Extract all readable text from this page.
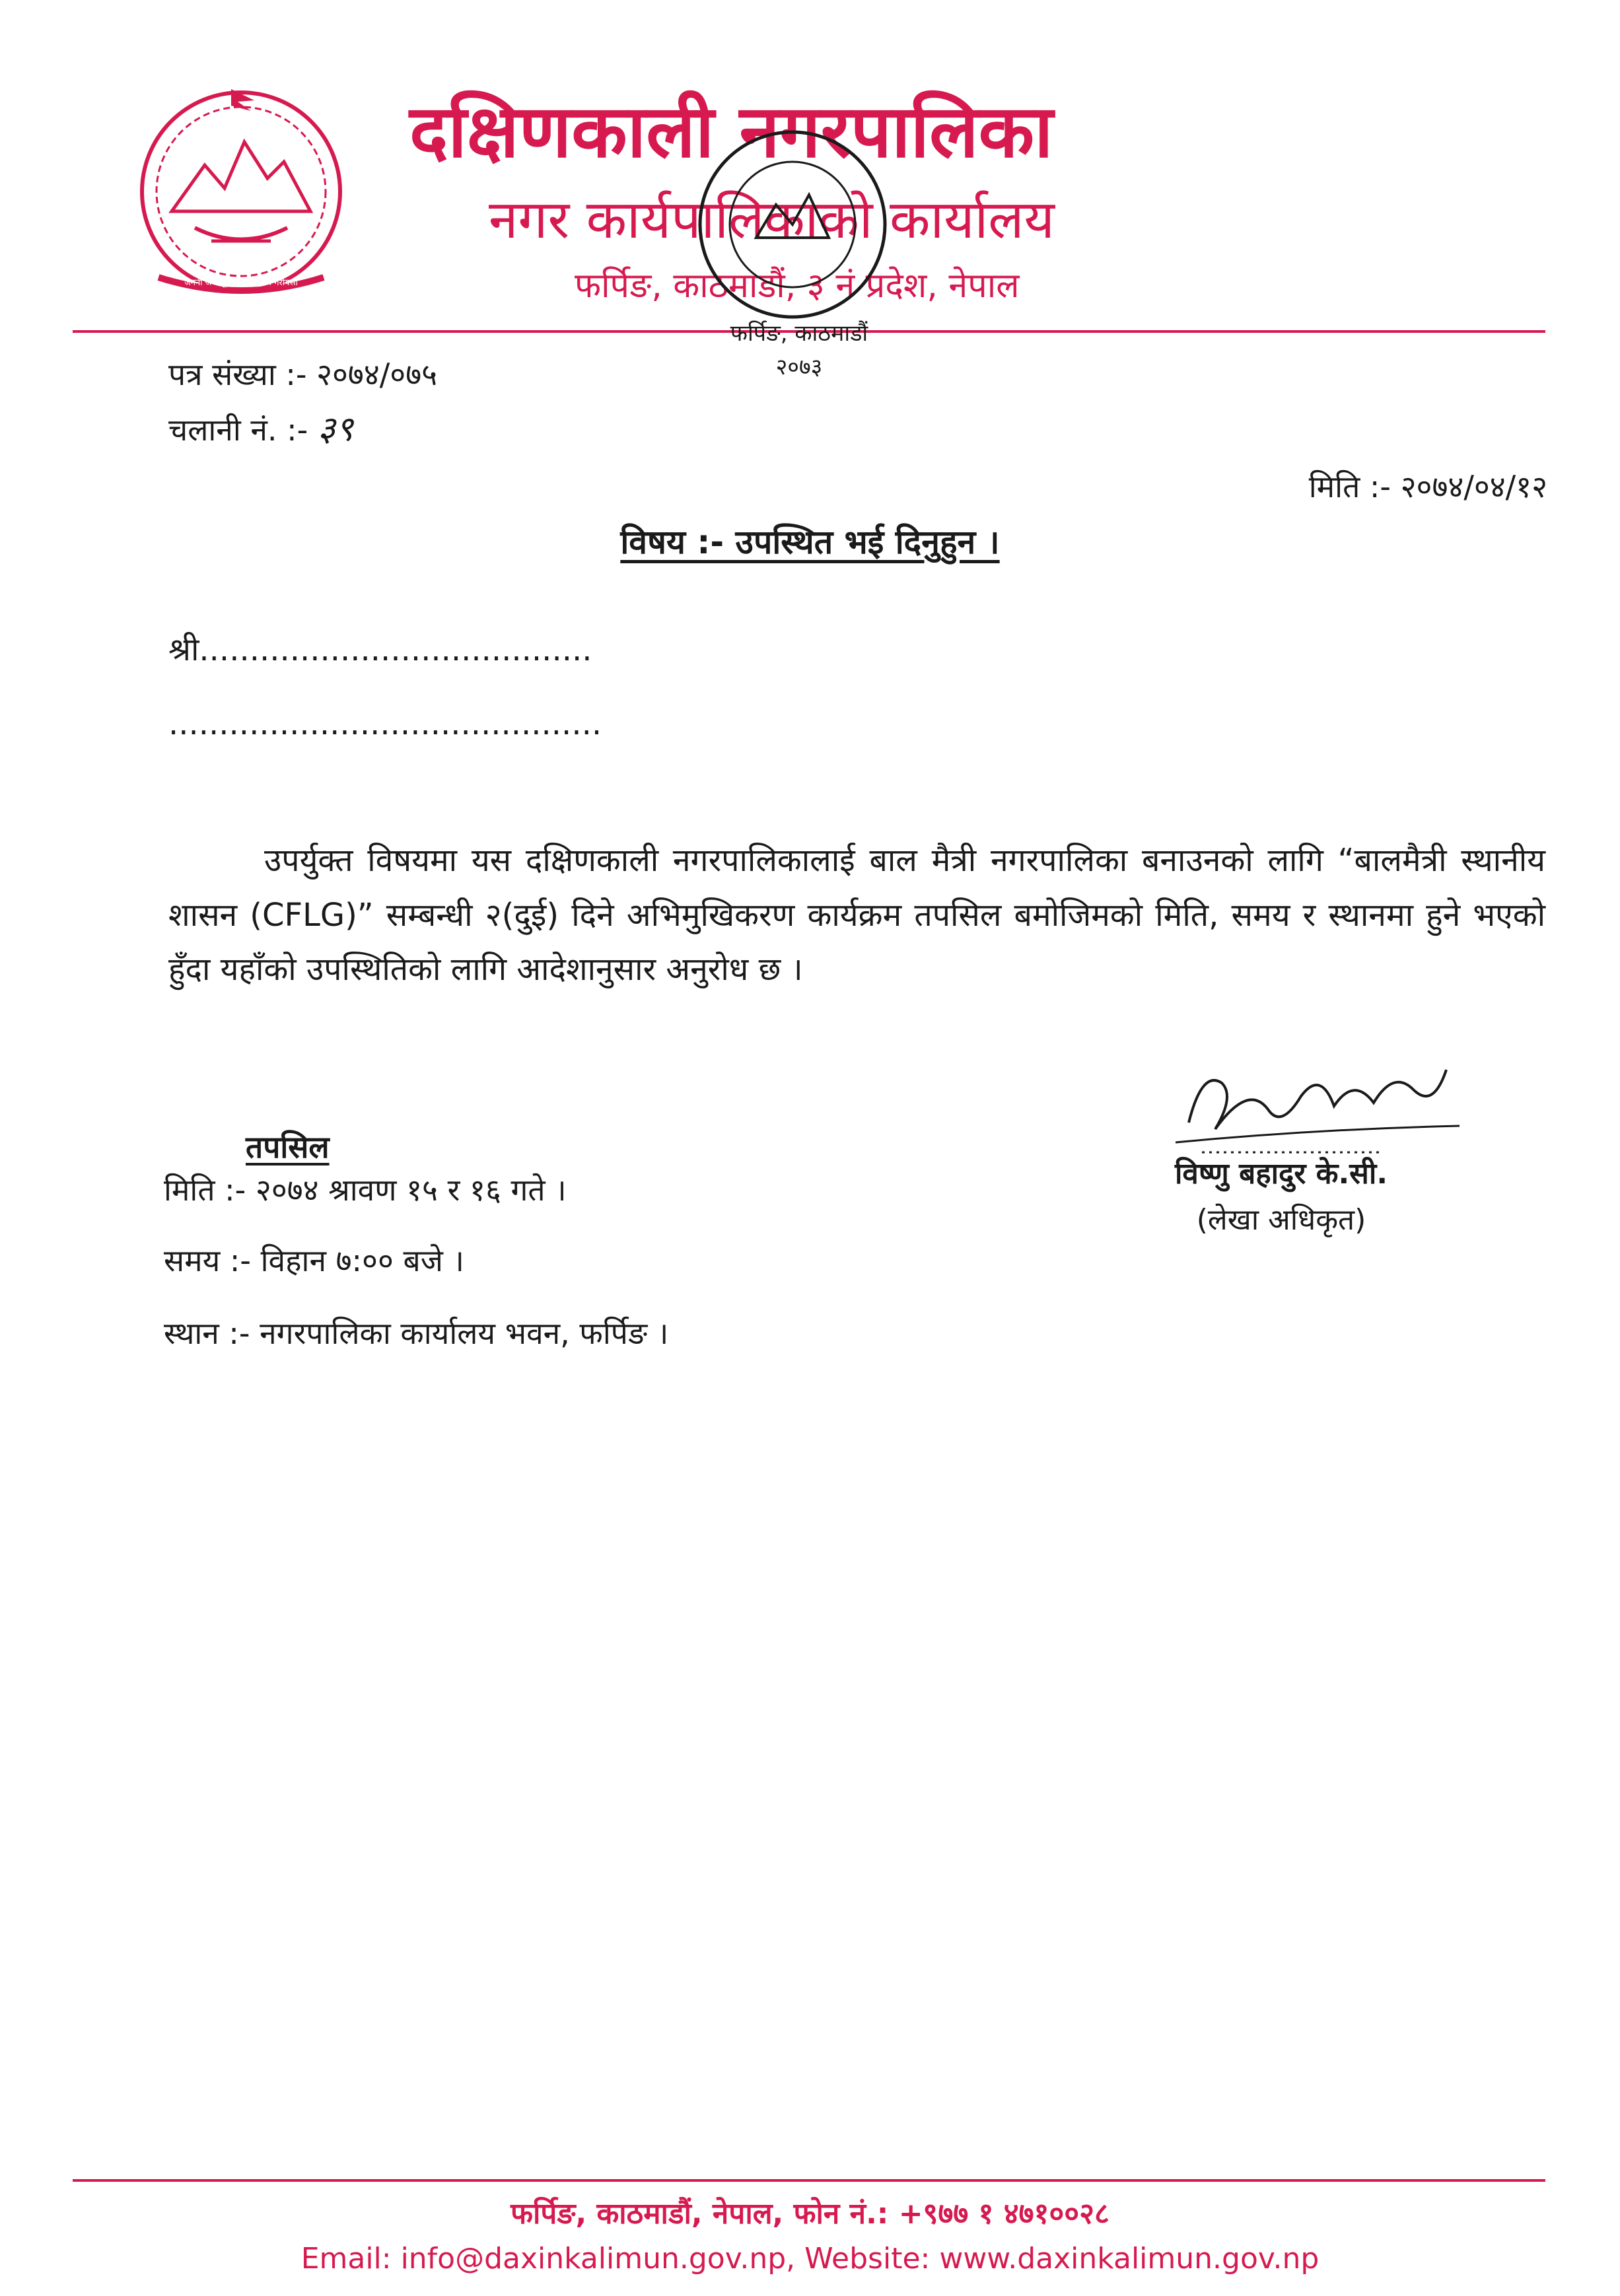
जननी जन्मभूमिश्च स्वर्गादपि गरीयसी
दक्षिणकाली नगरपालिका
नगर कार्यपालिकाको कार्यालय
फर्पिङ, काठमाडौं, ३ नं प्रदेश, नेपाल
फर्पिङ, काठमाडौं
२०७३
पत्र संख्या :- २०७४/०७५
चलानी नं. :- ३९
मिति :- २०७४/०४/१२
विषय :- उपस्थित भई दिनुहुन ।
श्री.......................................
...........................................
उपर्युक्त विषयमा यस दक्षिणकाली नगरपालिकालाई बाल मैत्री नगरपालिका बनाउनको लागि “बालमैत्री स्थानीय शासन (CFLG)” सम्बन्धी २(दुई) दिने अभिमुखिकरण कार्यक्रम तपसिल बमोजिमको मिति, समय र स्थानमा हुने भएको हुँदा यहाँको उपस्थितिको लागि आदेशानुसार अनुरोध छ ।
विष्णु बहादुर के.सी.
(लेखा अधिकृत)
तपसिल
मिति :- २०७४ श्रावण १५ र १६ गते ।
समय :- विहान ७:०० बजे ।
स्थान :- नगरपालिका कार्यालय भवन, फर्पिङ ।
फर्पिङ, काठमाडौं, नेपाल, फोन नं.: +९७७ १ ४७१००२८
Email: info@daxinkalimun.gov.np, Website: www.daxinkalimun.gov.np
